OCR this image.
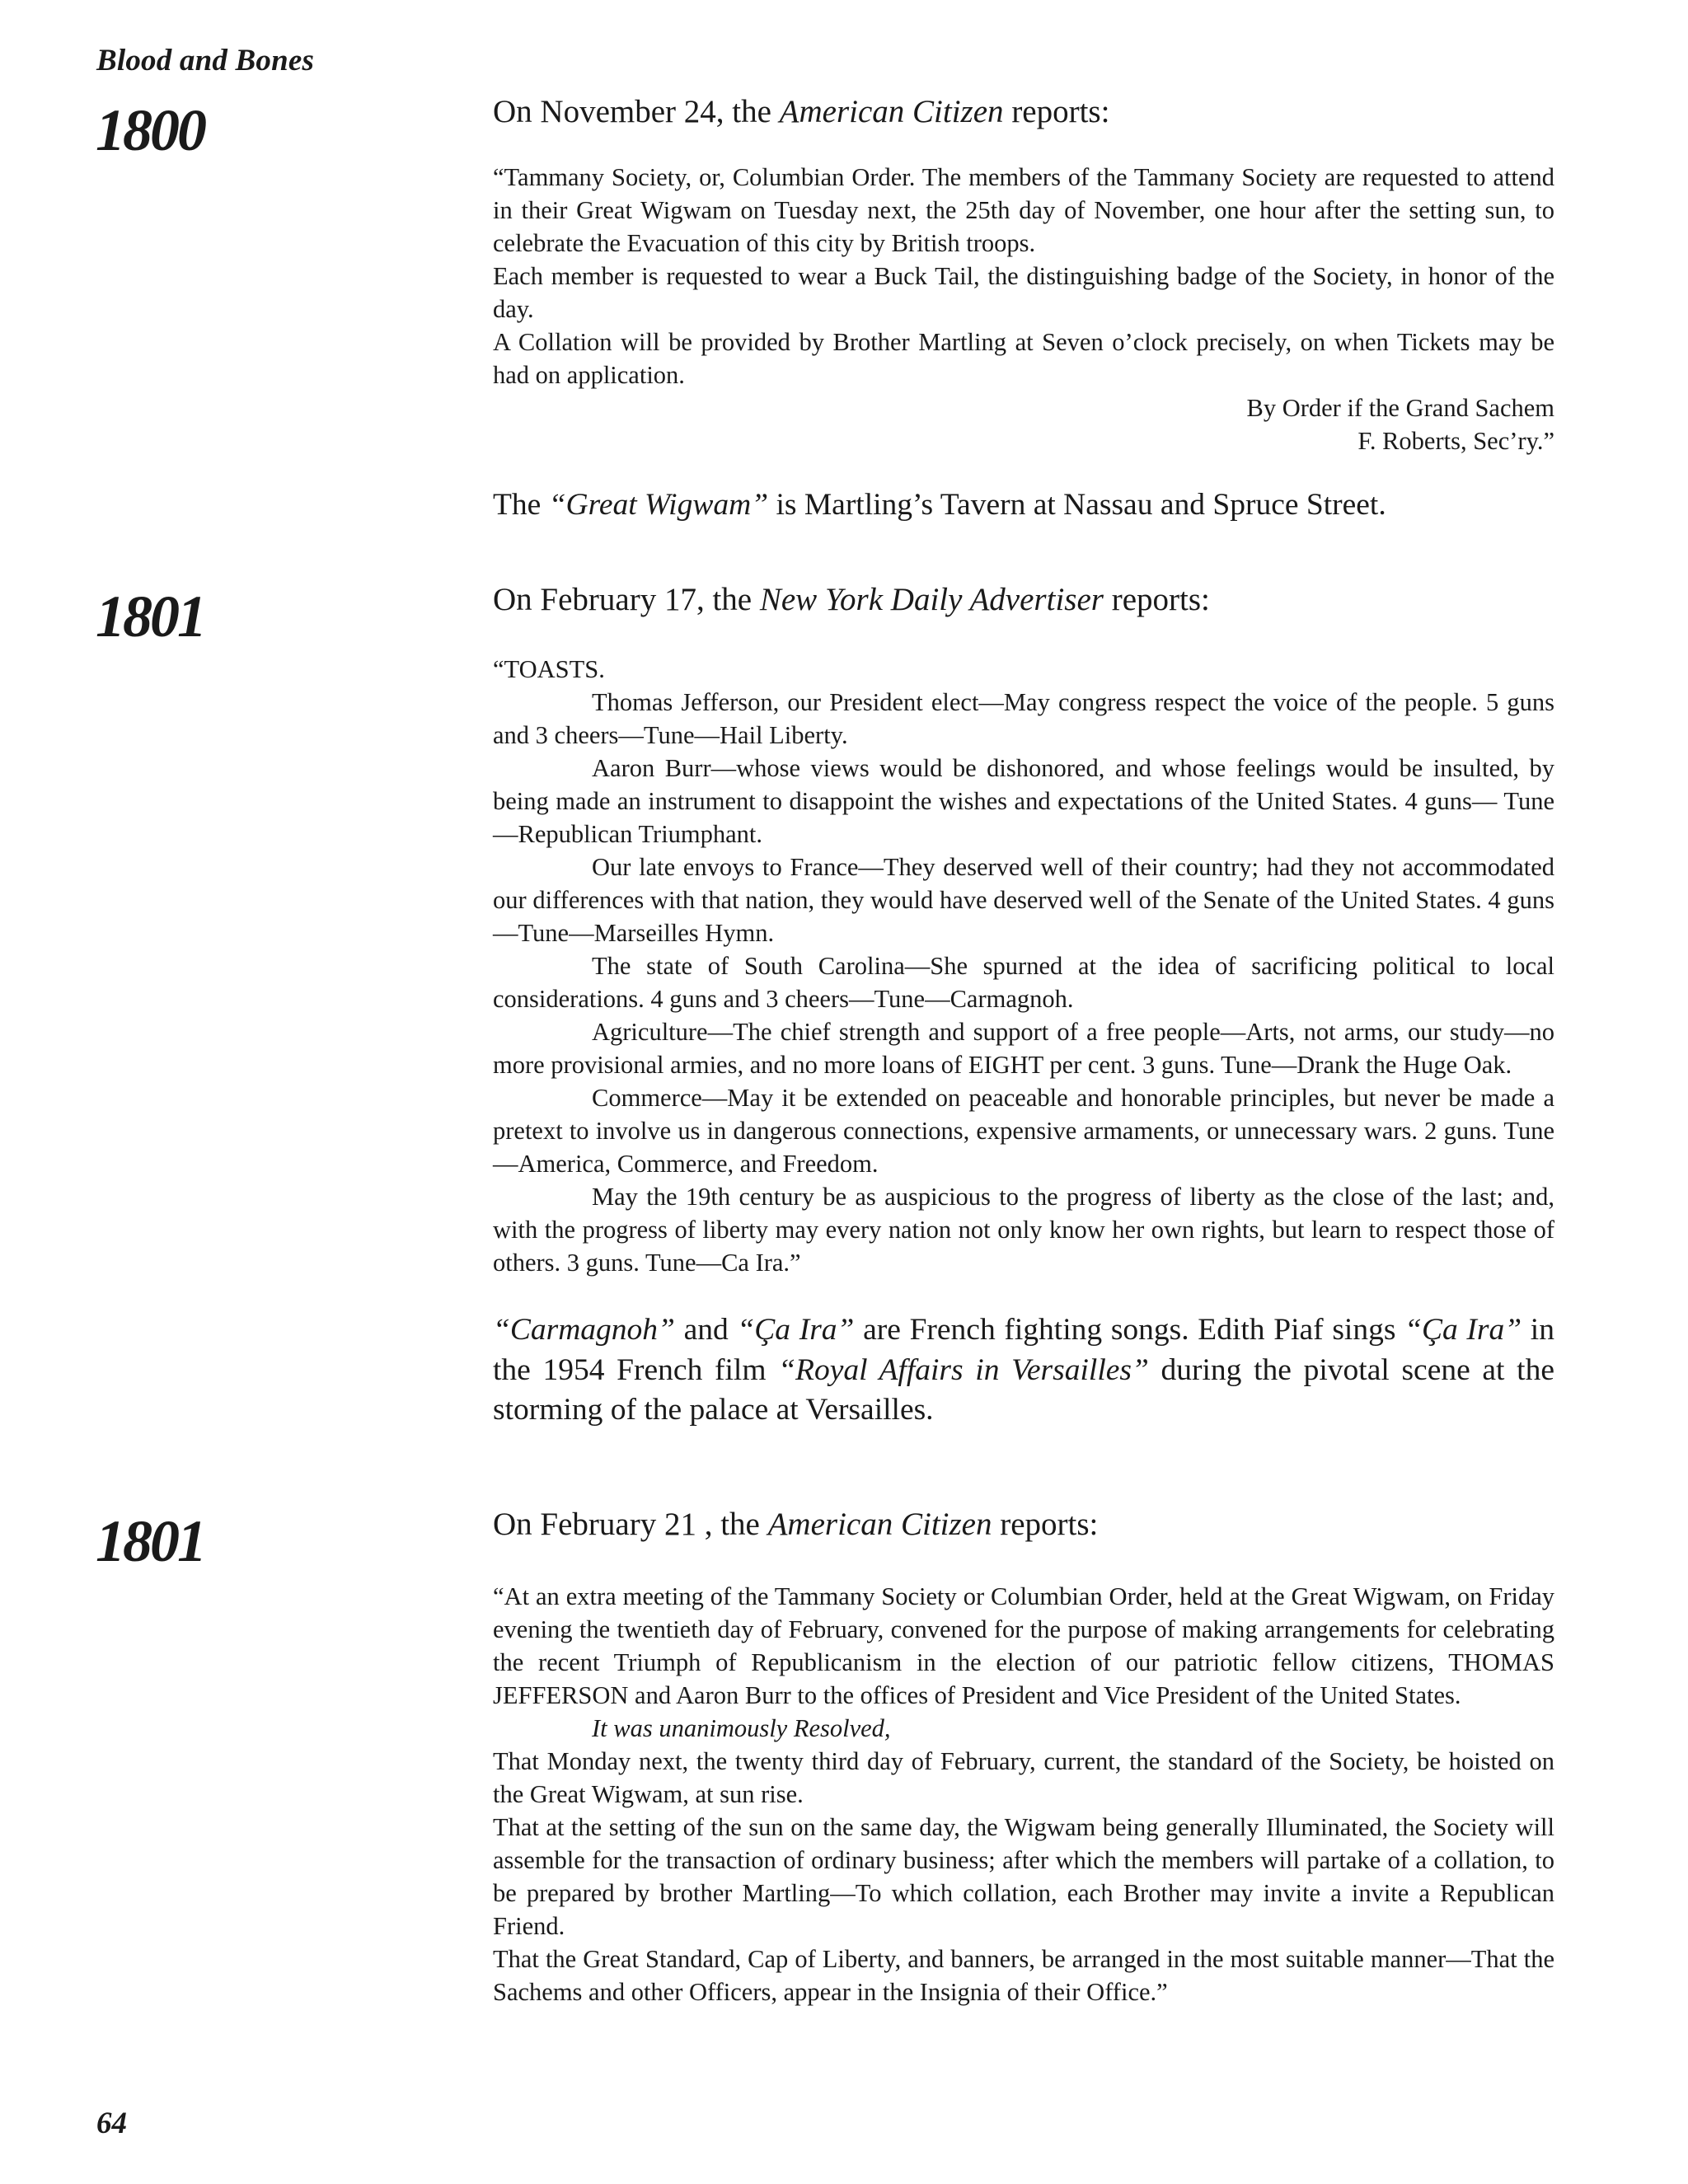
Blood and Bones

1800	On November 24, the American Citizen reports:

“Tammany Society, or, Columbian Order. The members of the Tammany Society are requested to attend in their Great Wigwam on Tuesday next, the 25th day of November, one hour after the setting sun, to celebrate the Evacuation of this city by British troops.

Each member is requested to wear a Buck Tail, the distinguishing badge of the Society, in honor of the day.

A Collation will be provided by Brother Martling at Seven o’clock precisely, on when Tickets may be had on application.

By Order if the Grand Sachem

F. Roberts, Sec’ry.”

The “Great Wigwam” is Martling’s Tavern at Nassau and Spruce Street.

1801	On February 17, the New York Daily Advertiser reports:

“TOASTS.

Thomas Jefferson, our President elect—May congress respect the voice of the people. 5 guns and 3 cheers—Tune—Hail Liberty.

Aaron Burr—whose views would be dishonored, and whose feelings would be insulted, by being made an instrument to disappoint the wishes and expectations of the United States. 4 guns— Tune—Republican Triumphant.

Our late envoys to France—They deserved well of their country; had they not accommodated our differences with that nation, they would have deserved well of the Senate of the United States. 4 guns—Tune—Marseilles Hymn.

The state of South Carolina—She spurned at the idea of sacrificing political to local considerations. 4 guns and 3 cheers—Tune—Carmagnoh.

Agriculture—The chief strength and support of a free people—Arts, not arms, our study—no more provisional armies, and no more loans of EIGHT per cent. 3 guns. Tune—Drank the Huge Oak.

Commerce—May it be extended on peaceable and honorable principles, but never be made a pretext to involve us in dangerous connections, expensive armaments, or unnecessary wars. 2 guns. Tune—America, Commerce, and Freedom.

May the 19th century be as auspicious to the progress of liberty as the close of the last; and, with the progress of liberty may every nation not only know her own rights, but learn to respect those of others. 3 guns. Tune—Ca Ira.”

“Carmagnoh” and “Ça Ira” are French fighting songs. Edith Piaf sings “Ça Ira” in the 1954 French film “Royal Affairs in Versailles” during the pivotal scene at the storming of the palace at Versailles.

1801	On February 21 , the American Citizen reports:

“At an extra meeting of the Tammany Society or Columbian Order, held at the Great Wigwam, on Friday evening the twentieth day of February, convened for the purpose of making arrangements for celebrating the recent Triumph of Republicanism in the election of our patriotic fellow citizens, THOMAS JEFFERSON and Aaron Burr to the offices of President and Vice President of the United States.

It was unanimously Resolved,

That Monday next, the twenty third day of February, current, the standard of the Society, be hoisted on the Great Wigwam, at sun rise.

That at the setting of the sun on the same day, the Wigwam being generally Illuminated, the Society will assemble for the transaction of ordinary business; after which the members will partake of a collation, to be prepared by brother Martling—To which collation, each Brother may invite a invite a Republican Friend.

That the Great Standard, Cap of Liberty, and banners, be arranged in the most suitable manner—That the Sachems and other Officers, appear in the Insignia of their Office.”

64
